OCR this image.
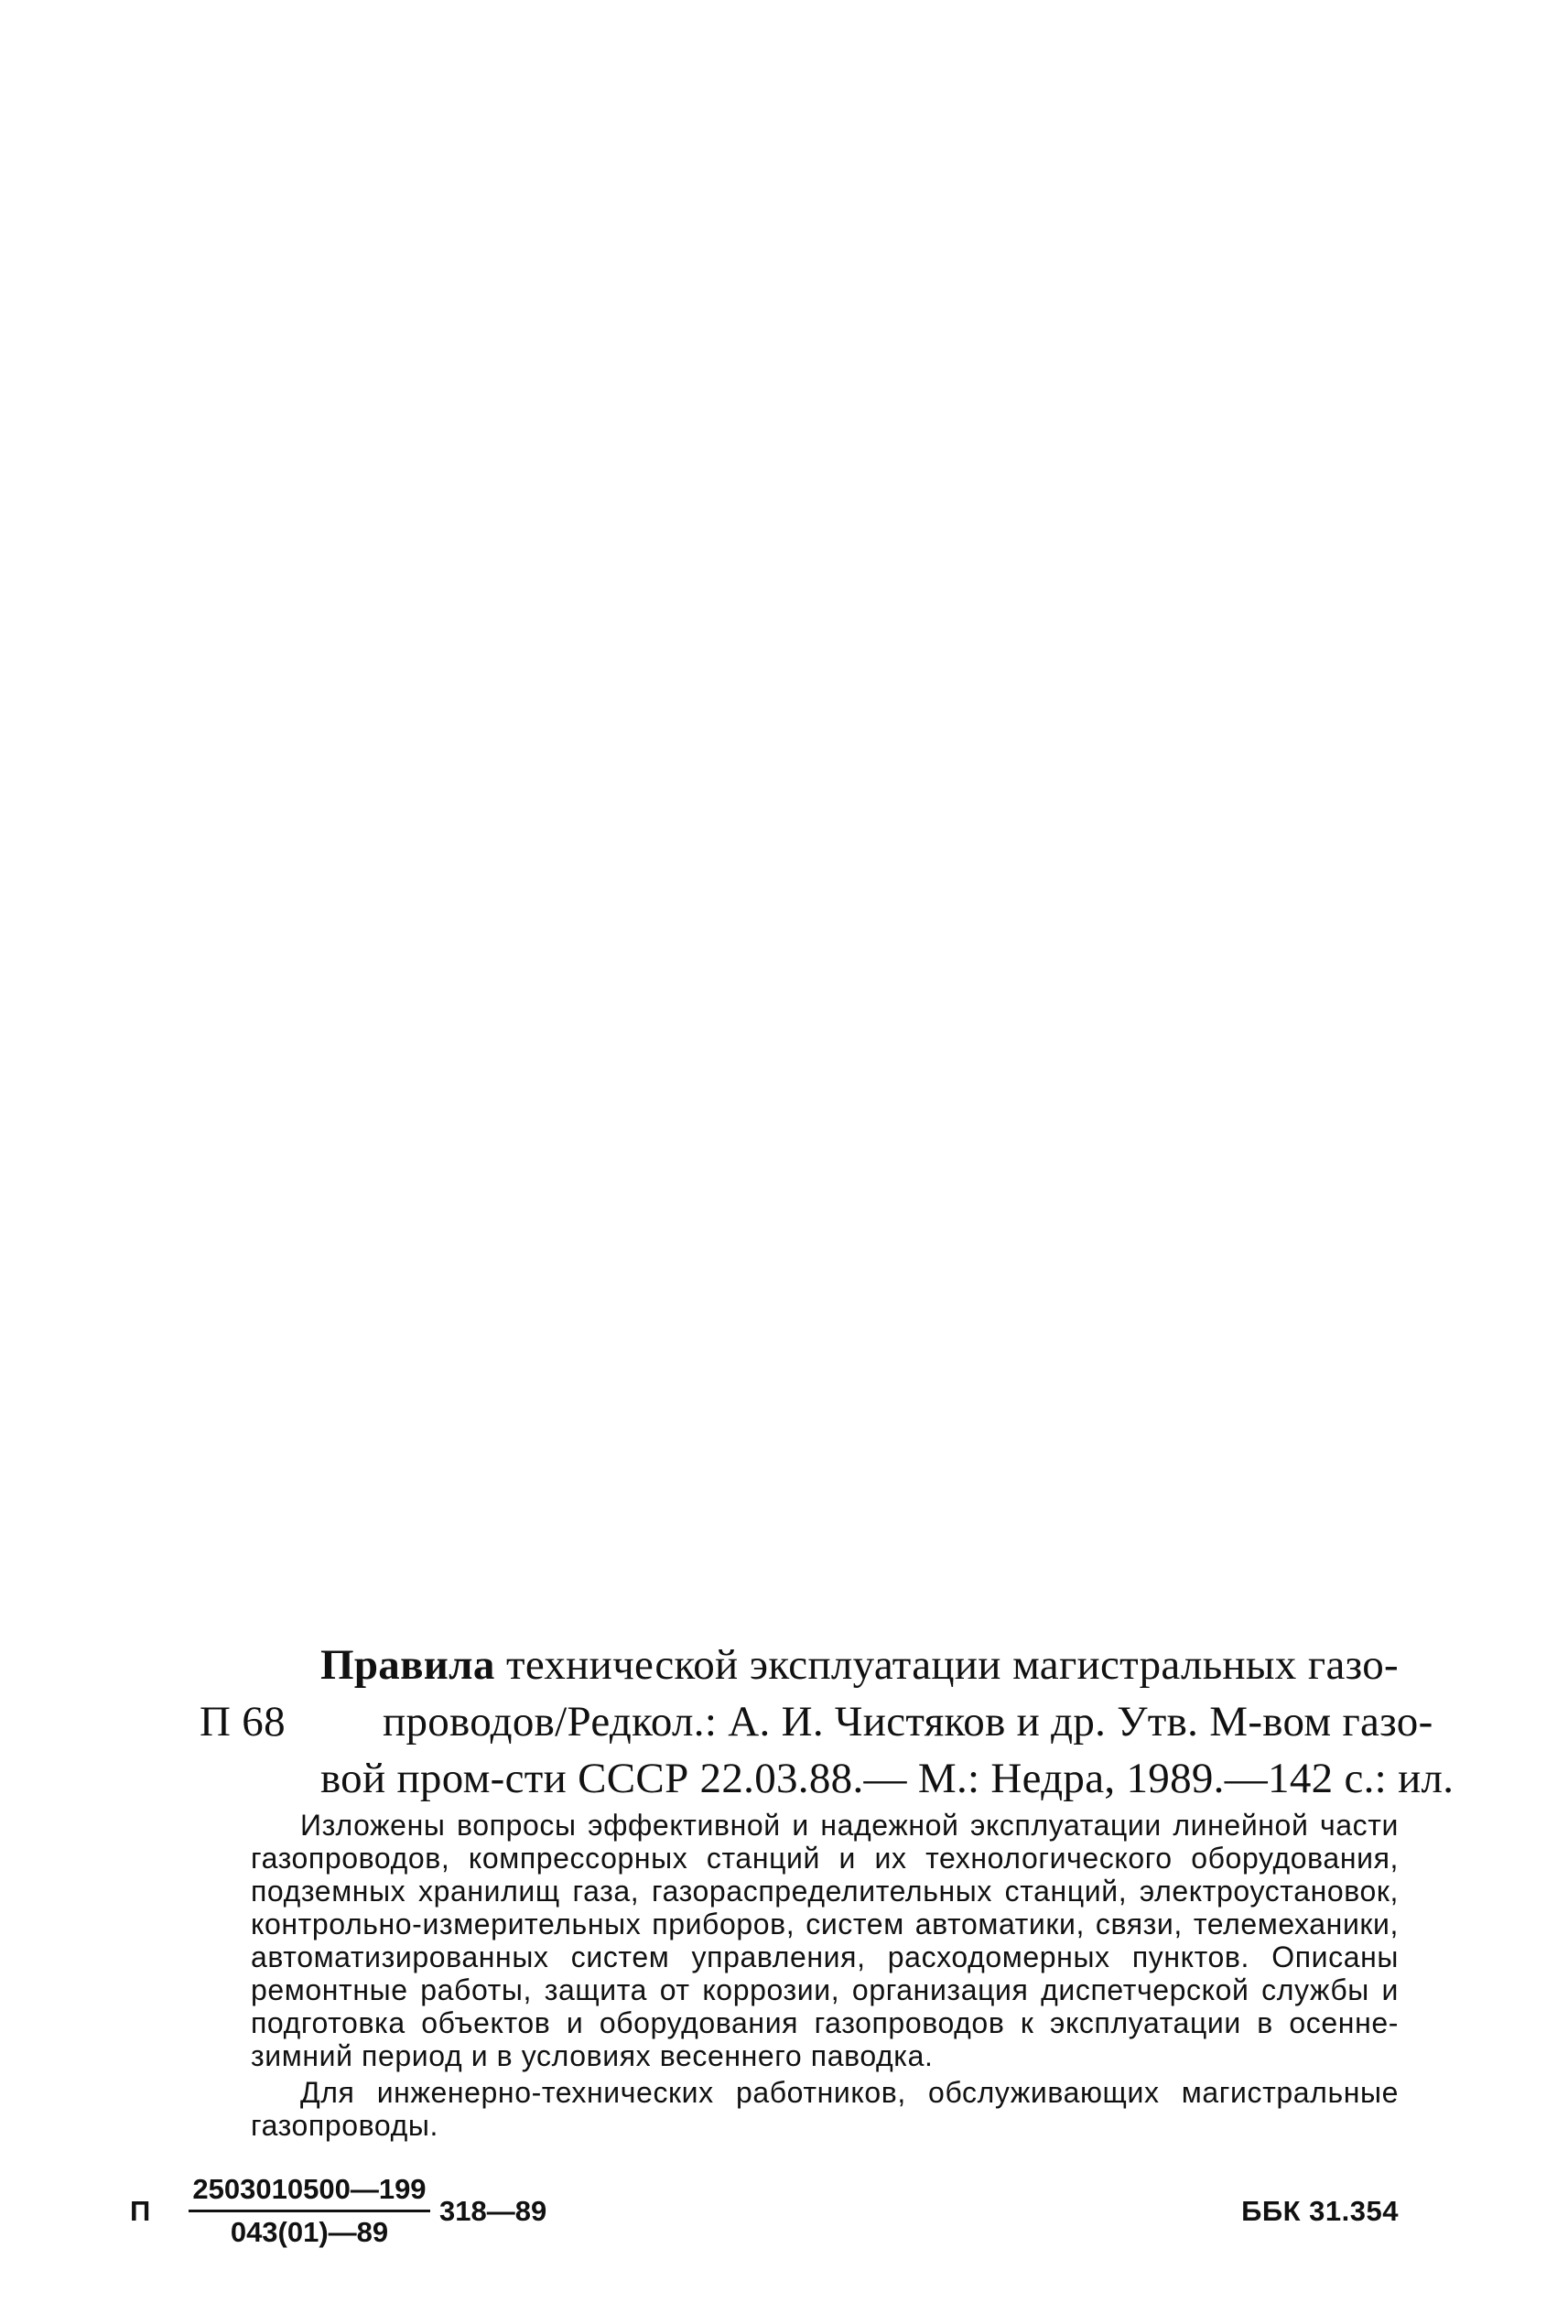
П 68
Правила технической эксплуатации магистральных газо-
проводов/Редкол.: А. И. Чистяков и др. Утв. М-вом газо-
вой пром-сти СССР 22.03.88.— М.: Недра, 1989.—142 с.: ил.
Изложены вопросы эффективной и надежной эксплуатации линейной части газопроводов, компрессорных станций и их технологического оборудования, подземных хранилищ газа, газораспределительных станций, электроустановок, контрольно-измерительных приборов, систем автоматики, связи, телемеханики, автоматизированных систем управления, расходомерных пунктов. Описаны ремонтные работы, защита от коррозии, организация диспетчерской службы и подготовка объектов и оборудования газопроводов к эксплуатации в осенне-зимний период и в условиях весеннего паводка.
Для инженерно-технических работников, обслуживающих магистральные газопроводы.
П
2503010500—199
043(01)—89
318—89	ББК 31.354
